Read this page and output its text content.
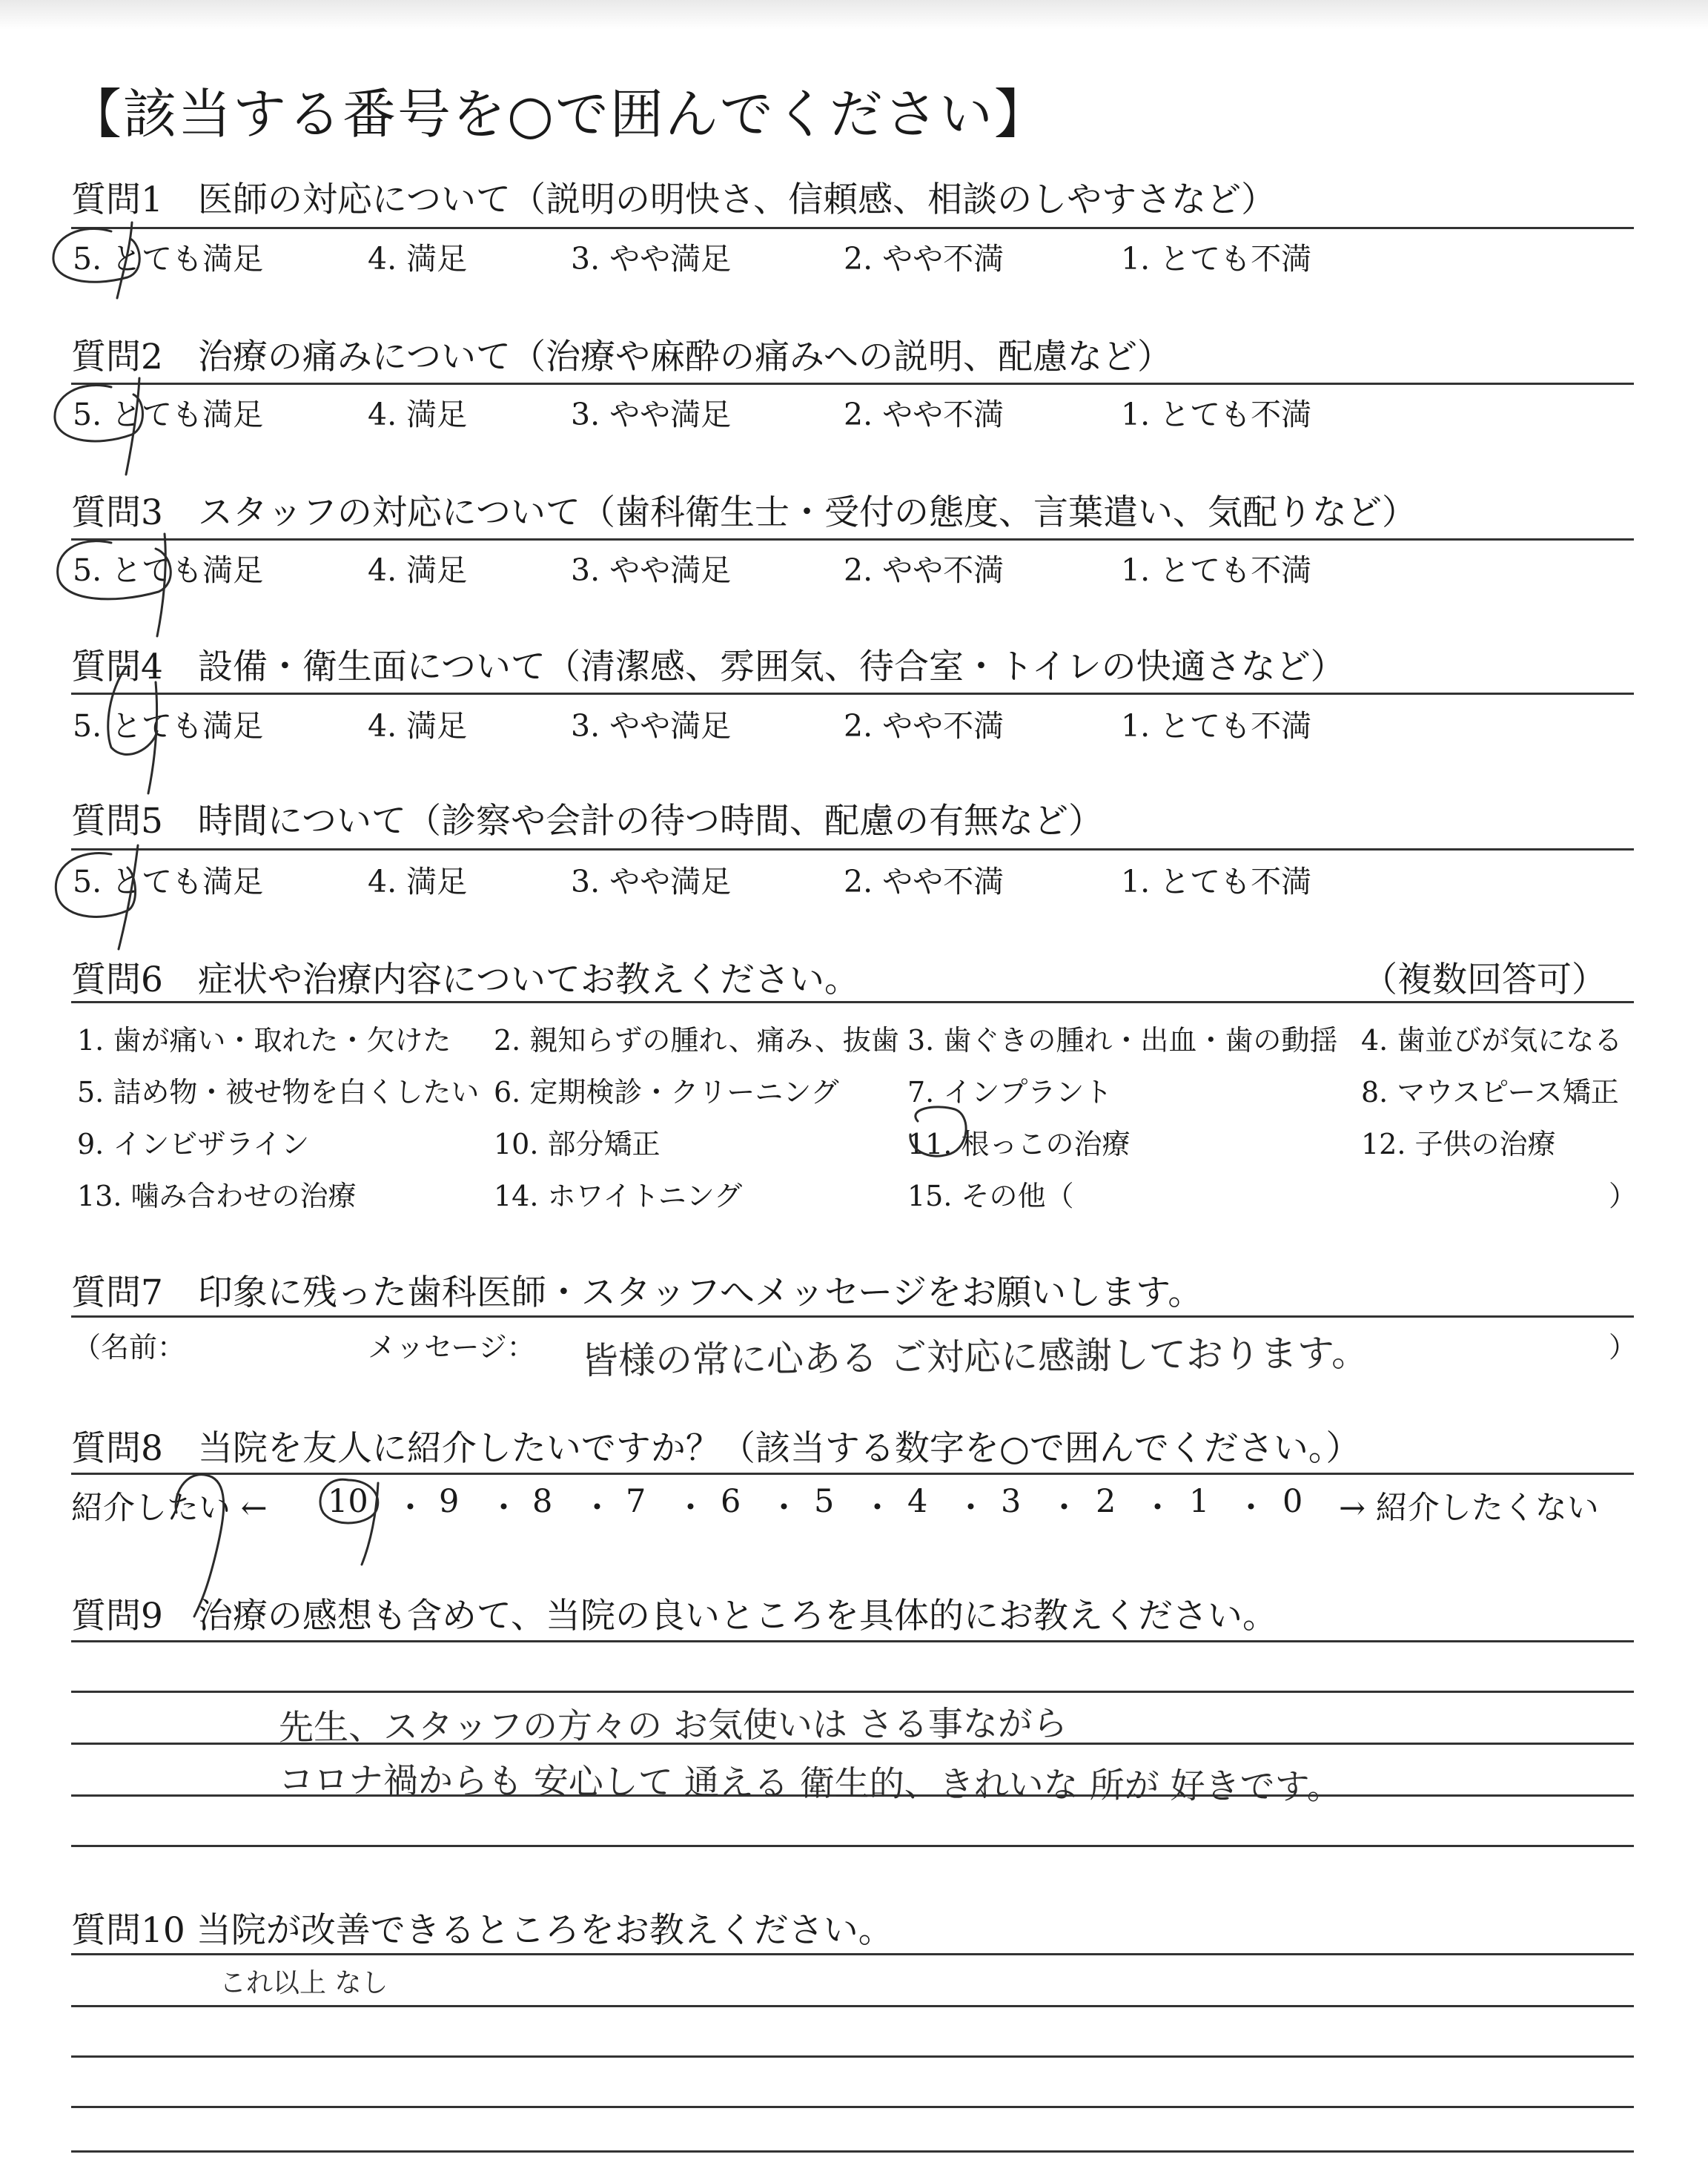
【該当する番号を○で囲んでください】
質問1　医師の対応について（説明の明快さ、信頼感、相談のしやすさなど）
5. とても満足	4. 満足	3. やや満足	2. やや不満	1. とても不満
質問2　治療の痛みについて（治療や麻酔の痛みへの説明、配慮など）
5. とても満足	4. 満足	3. やや満足	2. やや不満	1. とても不満
質問3　スタッフの対応について（歯科衛生士・受付の態度、言葉遣い、気配りなど）
5. とても満足	4. 満足	3. やや満足	2. やや不満	1. とても不満
質問4　設備・衛生面について（清潔感、雰囲気、待合室・トイレの快適さなど）
5. とても満足	4. 満足	3. やや満足	2. やや不満	1. とても不満
質問5　時間について（診察や会計の待つ時間、配慮の有無など）
5. とても満足	4. 満足	3. やや満足	2. やや不満	1. とても不満
質問6　症状や治療内容についてお教えください。	（複数回答可）
1. 歯が痛い・取れた・欠けた 2. 親知らずの腫れ、痛み、抜歯 3. 歯ぐきの腫れ・出血・歯の動揺 4. 歯並びが気になる
5. 詰め物・被せ物を白くしたい 6. 定期検診・クリーニング 7. インプラント	8. マウスピース矯正
9. インビザライン	10. 部分矯正	11. 根っこの治療	12. 子供の治療
13. 噛み合わせの治療	14. ホワイトニング	15. その他（	）
質問7　印象に残った歯科医師・スタッフへメッセージをお願いします。
（名前：	メッセージ： 皆様の常に心ある ご対応に感謝しております。	）
質問8　当院を友人に紹介したいですか？（該当する数字を○で囲んでください。）
紹介したい ← 10 ・ 9 ・ 8 ・ 7 ・ 6 ・ 5 ・ 4 ・ 3 ・ 2 ・ 1 ・ 0 → 紹介したくない
質問9　治療の感想も含めて、当院の良いところを具体的にお教えください。
先生、スタッフの方々の お気使いは さる事ながら
コロナ禍からも 安心して 通える 衛生的、きれいな 所が 好きです。
質問10 当院が改善できるところをお教えください。
これ以上 なし
